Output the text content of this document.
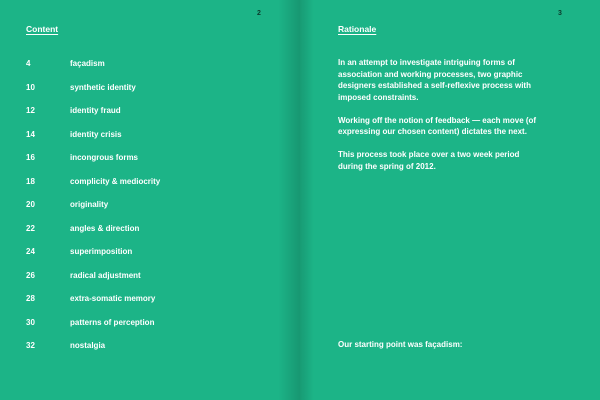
2
Content
4	façadism
10	synthetic identity
12	identity fraud
14	identity crisis
16	incongrous forms
18	complicity & mediocrity
20	originality
22	angles & direction
24	superimposition
26	radical adjustment
28	extra-somatic memory
30	patterns of perception
32	nostalgia
3
Rationale

In an attempt to investigate intriguing forms of association and working processes, two graphic designers established a self-reflexive process with imposed constraints.

Working off the notion of feedback — each move (of expressing our chosen content) dictates the next.

This process took place over a two week period during the spring of 2012.

Our starting point was façadism:
